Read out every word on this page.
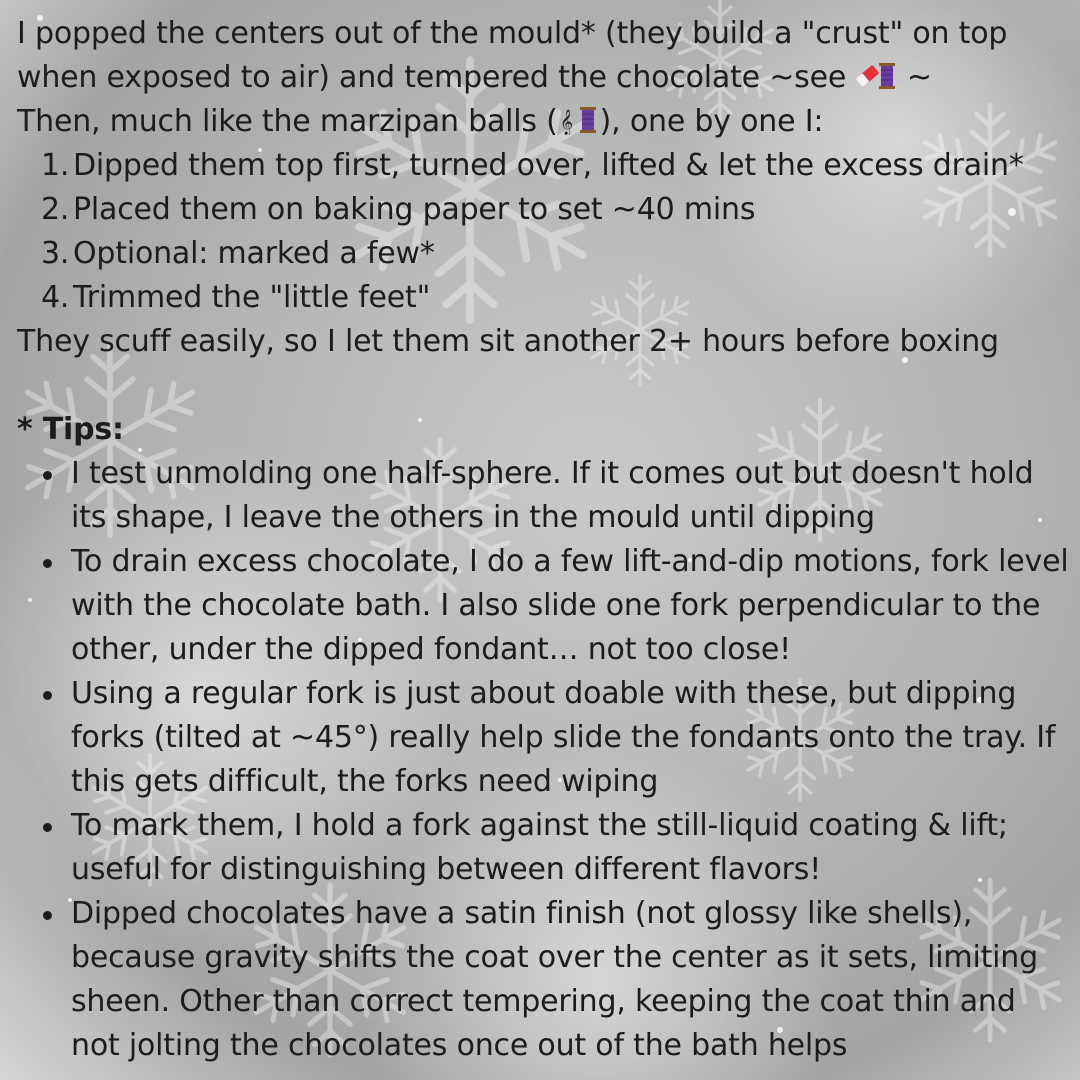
I popped the centers out of the mould* (they build a "crust" on top
when exposed to air) and tempered the chocolate ~see ~
Then, much like the marzipan balls ( 𝄞 ), one by one I:
1. Dipped them top first, turned over, lifted & let the excess drain*
2. Placed them on baking paper to set ~40 mins
3. Optional: marked a few*
4. Trimmed the "little feet"
They scuff easily, so I let them sit another 2+ hours before boxing
* Tips:
I test unmolding one half-sphere. If it comes out but doesn't hold its shape, I leave the others in the mould until dipping
To drain excess chocolate, I do a few lift-and-dip motions, fork level with the chocolate bath. I also slide one fork perpendicular to the other, under the dipped fondant… not too close!
Using a regular fork is just about doable with these, but dipping forks (tilted at ~45°) really help slide the fondants onto the tray. If this gets difficult, the forks need wiping
To mark them, I hold a fork against the still-liquid coating & lift; useful for distinguishing between different flavors!
Dipped chocolates have a satin finish (not glossy like shells), because gravity shifts the coat over the center as it sets, limiting sheen. Other than correct tempering, keeping the coat thin and not jolting the chocolates once out of the bath helps
